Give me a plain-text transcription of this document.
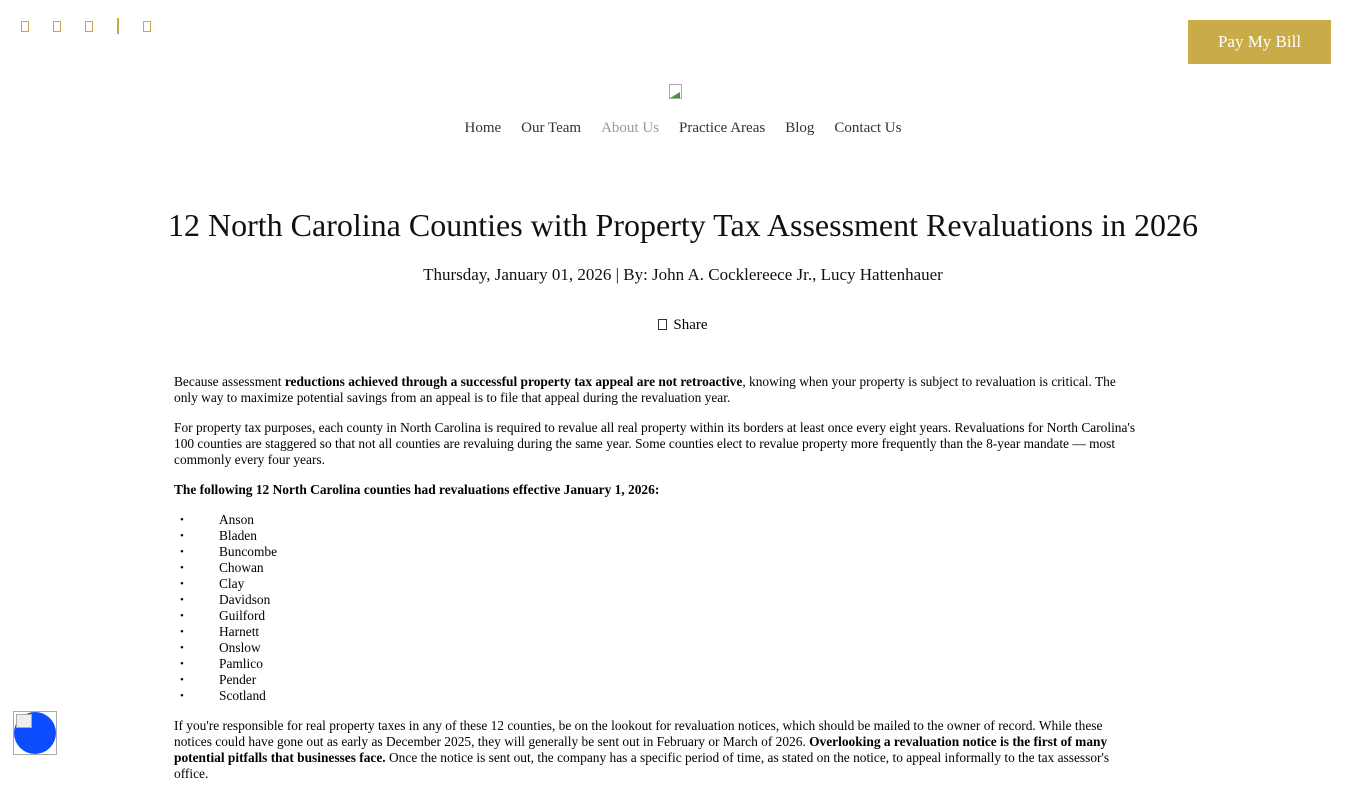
Pay My Bill
Home Our Team About Us Practice Areas Blog Contact Us
12 North Carolina Counties with Property Tax Assessment Revaluations in 2026
Thursday, January 01, 2026 | By: John A. Cocklereece Jr., Lucy Hattenhauer
Share

Because assessment reductions achieved through a successful property tax appeal are not retroactive, knowing when your property is subject to revaluation is critical. The only way to maximize potential savings from an appeal is to file that appeal during the revaluation year.

For property tax purposes, each county in North Carolina is required to revalue all real property within its borders at least once every eight years. Revaluations for North Carolina's 100 counties are staggered so that not all counties are revaluing during the same year. Some counties elect to revalue property more frequently than the 8-year mandate — most commonly every four years.

The following 12 North Carolina counties had revaluations effective January 1, 2026:

• Anson
• Bladen
• Buncombe
• Chowan
• Clay
• Davidson
• Guilford
• Harnett
• Onslow
• Pamlico
• Pender
• Scotland

If you're responsible for real property taxes in any of these 12 counties, be on the lookout for revaluation notices, which should be mailed to the owner of record. While these notices could have gone out as early as December 2025, they will generally be sent out in February or March of 2026. Overlooking a revaluation notice is the first of many potential pitfalls that businesses face. Once the notice is sent out, the company has a specific period of time, as stated on the notice, to appeal informally to the tax assessor's office.
